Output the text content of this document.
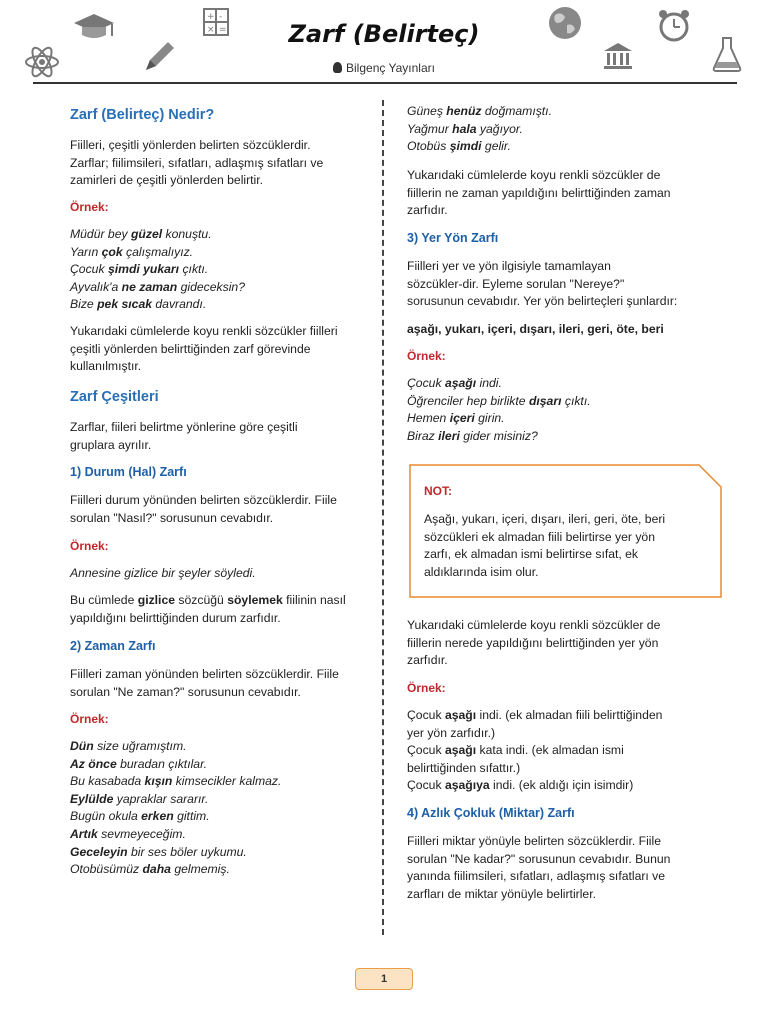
+ -
× =	Zarf (Belirteç)
Bilgenç Yayınları

Zarf (Belirteç) Nedir?

Fiilleri, çeşitli yönlerden belirten sözcüklerdir.

Zarflar; fiilimsileri, sıfatları, adlaşmış sıfatları ve

zamirleri de çeşitli yönlerden belirtir.

Örnek:

Müdür bey güzel konuştu.

Yarın çok çalışmalıyız.

Çocuk şimdi yukarı çıktı.

Ayvalık'a ne zaman gideceksin?

Bize pek sıcak davrandı.

Yukarıdaki cümlelerde koyu renkli sözcükler fiilleri

çeşitli yönlerden belirttiğinden zarf görevinde

kullanılmıştır.

Zarf Çeşitleri

Zarflar, fiileri belirtme yönlerine göre çeşitli

gruplara ayrılır.

1) Durum (Hal) Zarfı

Fiilleri durum yönünden belirten sözcüklerdir. Fiile

sorulan "Nasıl?" sorusunun cevabıdır.

Örnek:

Annesine gizlice bir şeyler söyledi.

Bu cümlede gizlice sözcüğü söylemek fiilinin nasıl

yapıldığını belirttiğinden durum zarfıdır.

2) Zaman Zarfı

Fiilleri zaman yönünden belirten sözcüklerdir. Fiile

sorulan "Ne zaman?" sorusunun cevabıdır.

Örnek:

Dün size uğramıştım.

Az önce buradan çıktılar.

Bu kasabada kışın kimsecikler kalmaz.

Eylülde yapraklar sararır.

Bugün okula erken gittim.

Artık sevmeyeceğim.

Geceleyin bir ses böler uykumu.

Otobüsümüz daha gelmemiş.

Güneş henüz doğmamıştı.

Yağmur hala yağıyor.

Otobüs şimdi gelir.

Yukarıdaki cümlelerde koyu renkli sözcükler de

fiillerin ne zaman yapıldığını belirttiğinden zaman

zarfıdır.

3) Yer Yön Zarfı

Fiilleri yer ve yön ilgisiyle tamamlayan

sözcükler-dir. Eyleme sorulan "Nereye?"

sorusunun cevabıdır. Yer yön belirteçleri şunlardır:

aşağı, yukarı, içeri, dışarı, ileri, geri, öte, beri

Örnek:

Çocuk aşağı indi.

Öğrenciler hep birlikte dışarı çıktı.

Hemen içeri girin.

Biraz ileri gider misiniz?

Yukarıdaki cümlelerde koyu renkli sözcükler de

fiillerin nerede yapıldığını belirttiğinden yer yön

zarfıdır.

Örnek:

Çocuk aşağı indi. (ek almadan fiili belirttiğinden

yer yön zarfıdır.)

Çocuk aşağı kata indi. (ek almadan ismi

belirttiğinden sıfattır.)

Çocuk aşağıya indi. (ek aldığı için isimdir)

4) Azlık Çokluk (Miktar) Zarfı

Fiilleri miktar yönüyle belirten sözcüklerdir. Fiile

sorulan "Ne kadar?" sorusunun cevabıdır. Bunun

yanında fiilimsileri, sıfatları, adlaşmış sıfatları ve

zarfları de miktar yönüyle belirtirler.

NOT:

Aşağı, yukarı, içeri, dışarı, ileri, geri, öte, beri

sözcükleri ek almadan fiili belirtirse yer yön

zarfı, ek almadan ismi belirtirse sıfat, ek

aldıklarında isim olur.

1
